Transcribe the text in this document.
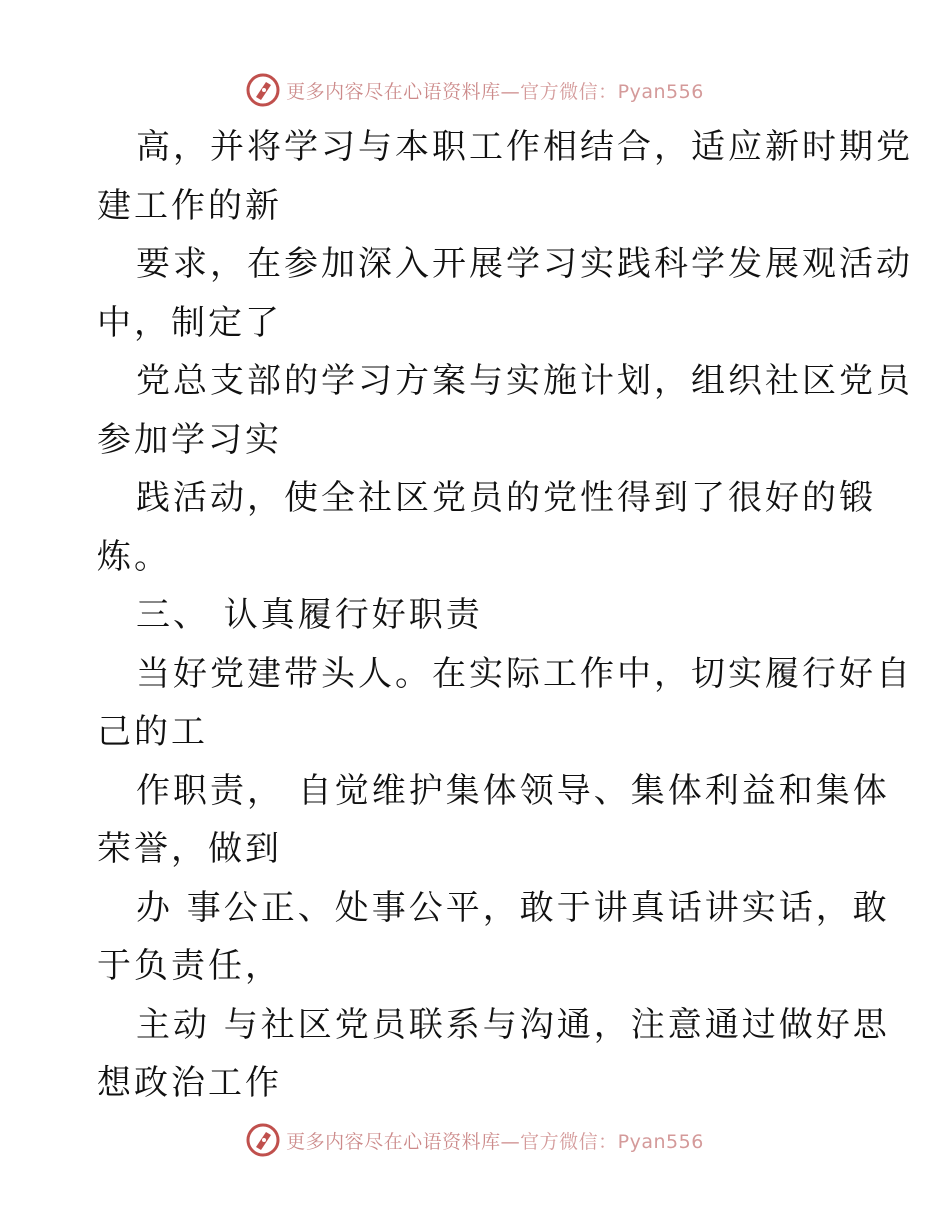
更多内容尽在心语资料库—官方微信：Pyan556
高，并将学习与本职工作相结合，适应新时期党
建工作的新
要求，在参加深入开展学习实践科学发展观活动
中，制定了
党总支部的学习方案与实施计划，组织社区党员
参加学习实
践活动，使全社区党员的党性得到了很好的锻
炼。
三、 认真履行好职责
当好党建带头人。在实际工作中，切实履行好自
己的工
作职责， 自觉维护集体领导、集体利益和集体
荣誉，做到
办 事公正、处事公平，敢于讲真话讲实话，敢
于负责任，
主动 与社区党员联系与沟通，注意通过做好思
想政治工作
更多内容尽在心语资料库—官方微信：Pyan556
